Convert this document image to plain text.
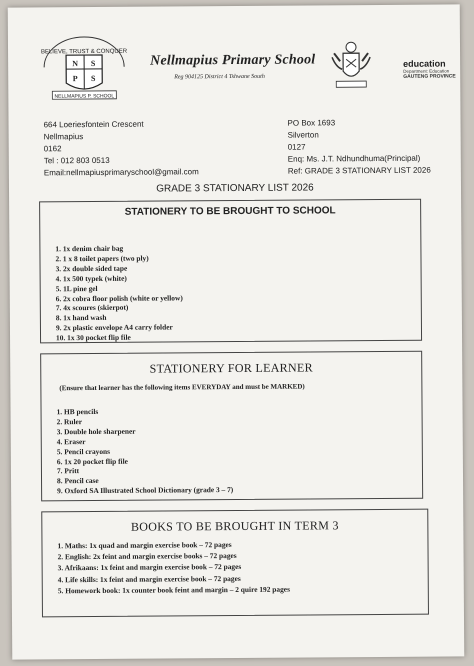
BELIEVE, TRUST & CONQUER
N S
P S
NELLMAPIUS P. SCHOOL
Nellmapius Primary School
Reg 904125 District 4 Tshwane South
education
Department: Education
GAUTENG PROVINCE
664 Loeriesfontein Crescent
Nellmapius
0162
Tel : 012 803 0513
Email:nellmapiusprimaryschool@gmail.com
PO Box 1693
Silverton
0127
Enq: Ms. J.T. Ndhundhuma(Principal)
Ref: GRADE 3 STATIONARY LIST 2026
GRADE 3 STATIONARY LIST 2026
STATIONERY TO BE BROUGHT TO SCHOOL
1. 1x denim chair bag
2. 1 x 8 toilet papers (two ply)
3. 2x double sided tape
4. 1x 500 typek (white)
5. 1L pine gel
6. 2x cobra floor polish (white or yellow)
7. 4x scoures (skierpot)
8. 1x hand wash
9. 2x plastic envelope A4 carry folder
10. 1x 30 pocket flip file
STATIONERY FOR LEARNER
(Ensure that learner has the following items EVERYDAY and must be MARKED)
1. HB pencils
2. Ruler
3. Double hole sharpener
4. Eraser
5. Pencil crayons
6. 1x 20 pocket flip file
7. Pritt
8. Pencil case
9. Oxford SA Illustrated School Dictionary (grade 3 – 7)
BOOKS TO BE BROUGHT IN TERM 3
1. Maths: 1x quad and margin exercise book – 72 pages
2. English: 2x feint and margin exercise books – 72 pages
3. Afrikaans: 1x feint and margin exercise book – 72 pages
4. Life skills: 1x feint and margin exercise book – 72 pages
5. Homework book: 1x counter book feint and margin – 2 quire 192 pages
